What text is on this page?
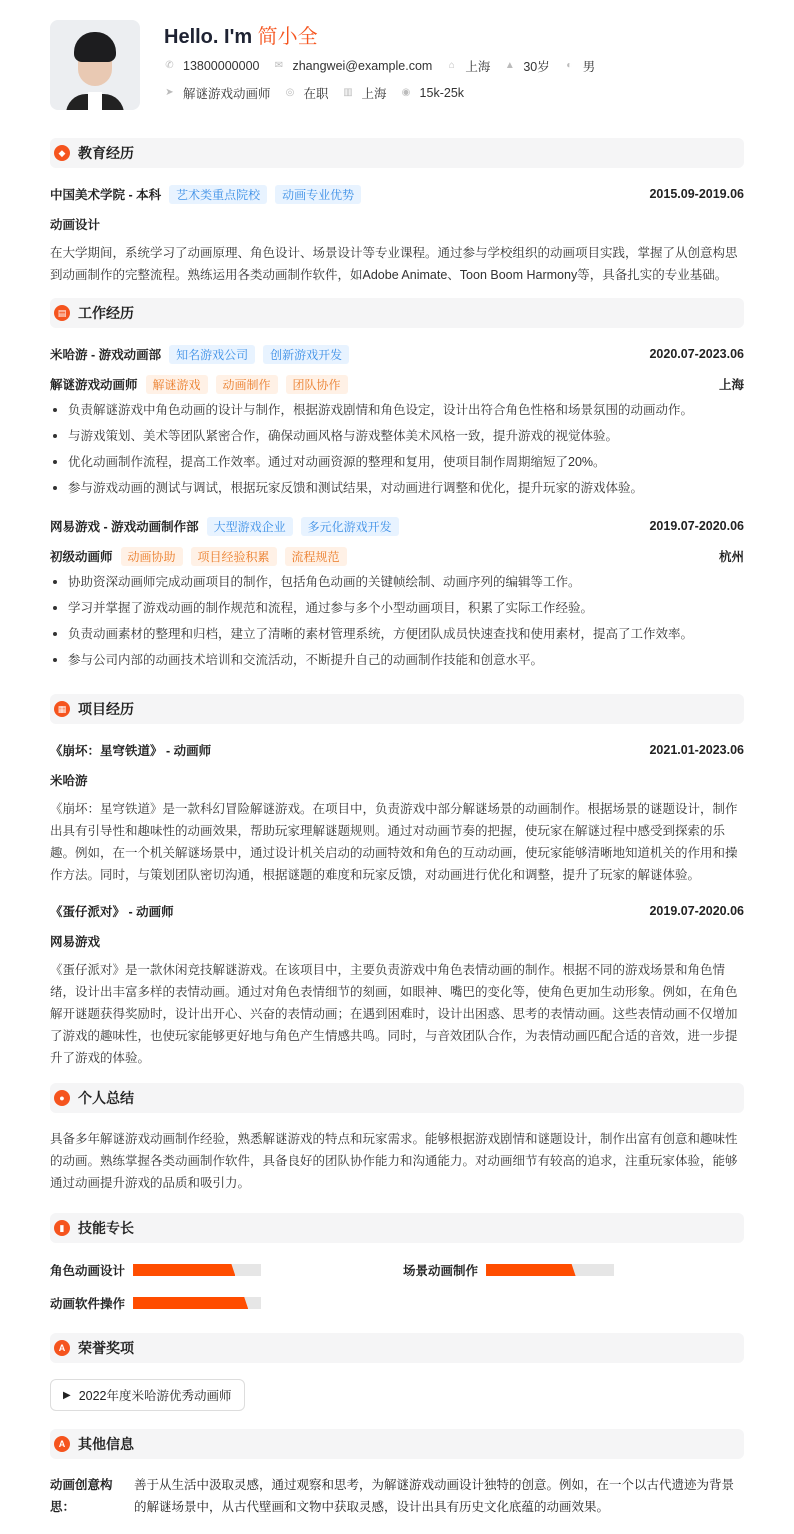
Hello. I'm 简小全
✆ 13800000000 ✉ zhangwei@example.com ⌂ 上海 ▲ 30岁 ◐ 男
➤ 解谜游戏动画师 ◎ 在职 ▥ 上海 ◉ 15k-25k
◆ 教育经历
中国美术学院 - 本科	艺术类重点院校	动画专业优势	2015.09-2019.06
动画设计
在大学期间，系统学习了动画原理、角色设计、场景设计等专业课程。通过参与学校组织的动画项目实践，掌握了从创意构思到动画制作的完整流程。熟练运用各类动画制作软件，如Adobe Animate、Toon Boom Harmony等，具备扎实的专业基础。
▤ 工作经历
米哈游 - 游戏动画部	知名游戏公司	创新游戏开发	2020.07-2023.06
解谜游戏动画师	解谜游戏	动画制作	团队协作	上海
负责解谜游戏中角色动画的设计与制作，根据游戏剧情和角色设定，设计出符合角色性格和场景氛围的动画动作。
与游戏策划、美术等团队紧密合作，确保动画风格与游戏整体美术风格一致，提升游戏的视觉体验。
优化动画制作流程，提高工作效率。通过对动画资源的整理和复用，使项目制作周期缩短了20%。
参与游戏动画的测试与调试，根据玩家反馈和测试结果，对动画进行调整和优化，提升玩家的游戏体验。
网易游戏 - 游戏动画制作部	大型游戏企业	多元化游戏开发	2019.07-2020.06
初级动画师	动画协助	项目经验积累	流程规范	杭州
协助资深动画师完成动画项目的制作，包括角色动画的关键帧绘制、动画序列的编辑等工作。
学习并掌握了游戏动画的制作规范和流程，通过参与多个小型动画项目，积累了实际工作经验。
负责动画素材的整理和归档，建立了清晰的素材管理系统，方便团队成员快速查找和使用素材，提高了工作效率。
参与公司内部的动画技术培训和交流活动，不断提升自己的动画制作技能和创意水平。
▦ 项目经历
《崩坏：星穹铁道》 - 动画师	2021.01-2023.06
米哈游
《崩坏：星穹铁道》是一款科幻冒险解谜游戏。在项目中，负责游戏中部分解谜场景的动画制作。根据场景的谜题设计，制作出具有引导性和趣味性的动画效果，帮助玩家理解谜题规则。通过对动画节奏的把握，使玩家在解谜过程中感受到探索的乐趣。例如，在一个机关解谜场景中，通过设计机关启动的动画特效和角色的互动动画，使玩家能够清晰地知道机关的作用和操作方法。同时，与策划团队密切沟通，根据谜题的难度和玩家反馈，对动画进行优化和调整，提升了玩家的解谜体验。
《蛋仔派对》 - 动画师	2019.07-2020.06
网易游戏
《蛋仔派对》是一款休闲竞技解谜游戏。在该项目中，主要负责游戏中角色表情动画的制作。根据不同的游戏场景和角色情绪，设计出丰富多样的表情动画。通过对角色表情细节的刻画，如眼神、嘴巴的变化等，使角色更加生动形象。例如，在角色解开谜题获得奖励时，设计出开心、兴奋的表情动画；在遇到困难时，设计出困惑、思考的表情动画。这些表情动画不仅增加了游戏的趣味性，也使玩家能够更好地与角色产生情感共鸣。同时，与音效团队合作，为表情动画匹配合适的音效，进一步提升了游戏的体验。
● 个人总结
具备多年解谜游戏动画制作经验，熟悉解谜游戏的特点和玩家需求。能够根据游戏剧情和谜题设计，制作出富有创意和趣味性的动画。熟练掌握各类动画制作软件，具备良好的团队协作能力和沟通能力。对动画细节有较高的追求，注重玩家体验，能够通过动画提升游戏的品质和吸引力。
▮ 技能专长
角色动画设计	场景动画制作
动画软件操作
A 荣誉奖项
▶ 2022年度米哈游优秀动画师
A 其他信息
动画创意构思：
善于从生活中汲取灵感，通过观察和思考，为解谜游戏动画设计独特的创意。例如，在一个以古代遗迹为背景的解谜场景中，从古代壁画和文物中获取灵感，设计出具有历史文化底蕴的动画效果。
